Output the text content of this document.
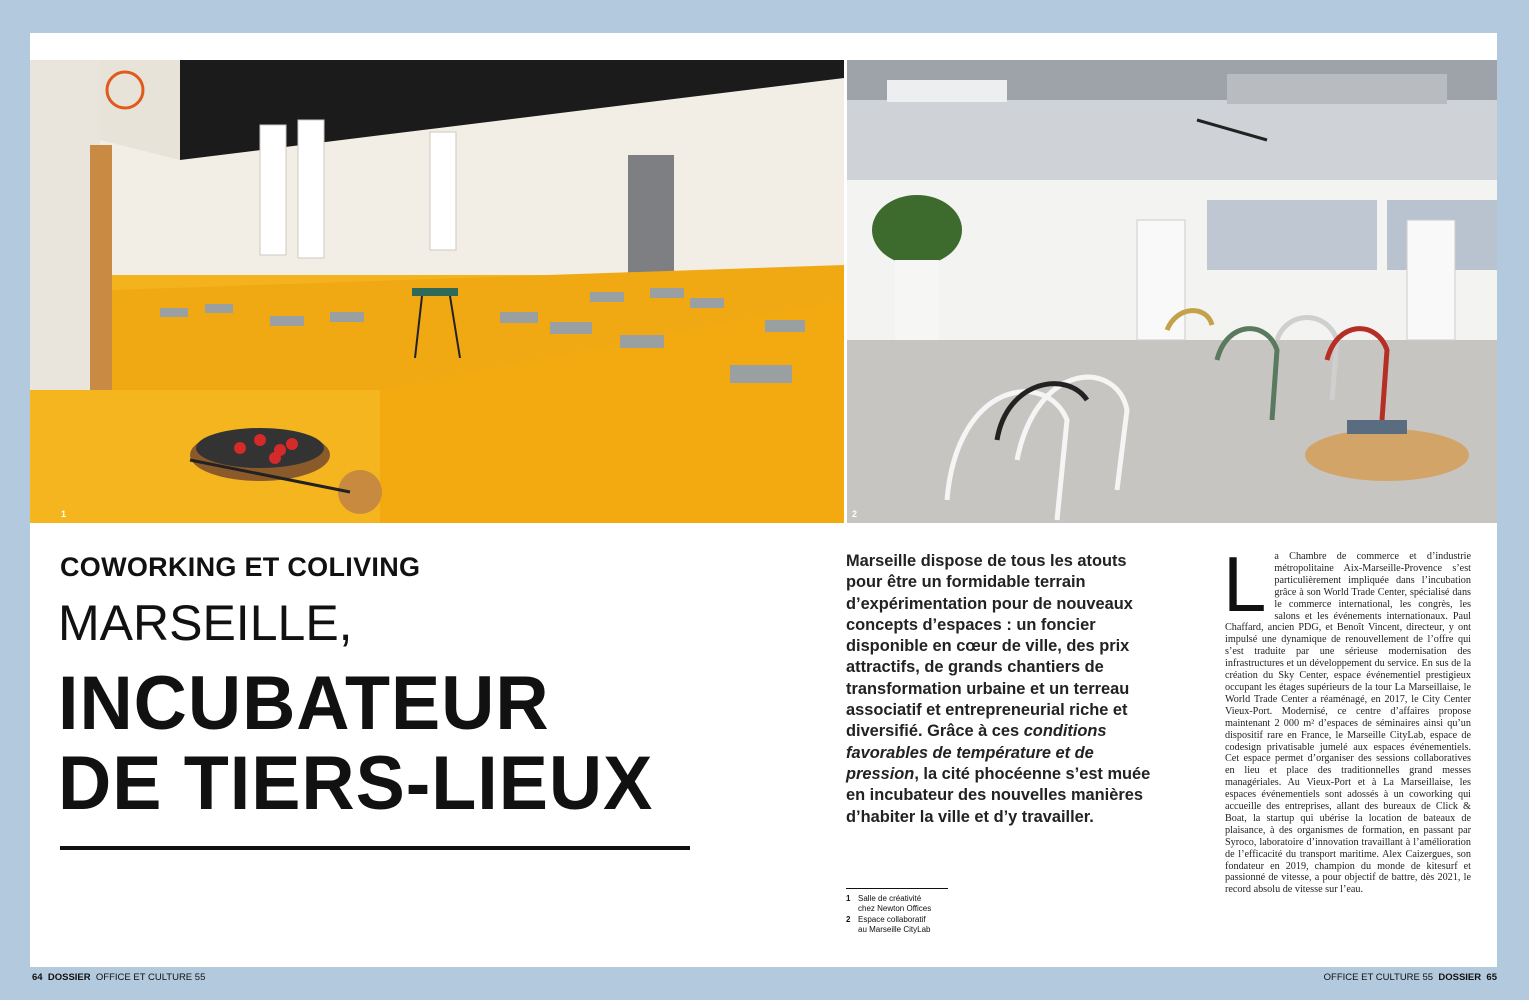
1	2
COWORKING ET COLIVING
MARSEILLE,
INCUBATEUR
DE TIERS-LIEUX

Marseille dispose de tous les atouts pour être un formidable terrain d’expérimentation pour de nouveaux concepts d’espaces : un foncier disponible en cœur de ville, des prix attractifs, de grands chantiers de transformation urbaine et un terreau associatif et entrepreneurial riche et diversifié. Grâce à ces conditions favorables de température et de pression, la cité phocéenne s’est muée en incubateur des nouvelles manières d’habiter la ville et d’y travailler.

1 Salle de créativité
chez Newton Offices
2 Espace collaboratif
au Marseille CityLab
La Chambre de commerce et d’industrie métropolitaine Aix-Marseille-Provence s’est particulièrement impliquée dans l’incubation grâce à son World Trade Center, spécialisé dans le commerce international, les congrès, les salons et les événements internationaux. Paul Chaffard, ancien PDG, et Benoît Vincent, directeur, y ont impulsé une dynamique de renouvellement de l’offre qui s’est traduite par une sérieuse modernisation des infrastructures et un développement du service. En sus de la création du Sky Center, espace événementiel prestigieux occupant les étages supérieurs de la tour La Marseillaise, le World Trade Center a réaménagé, en 2017, le City Center Vieux-Port. Modernisé, ce centre d’affaires propose maintenant 2 000 m² d’espaces de séminaires ainsi qu’un dispositif rare en France, le Marseille CityLab, espace de codesign privatisable jumelé aux espaces événementiels. Cet espace permet d’organiser des sessions collaboratives en lieu et place des traditionnelles grand messes managériales. Au Vieux-Port et à La Marseillaise, les espaces événementiels sont adossés à un coworking qui accueille des entreprises, allant des bureaux de Click & Boat, la startup qui ubérise la location de bateaux de plaisance, à des organismes de formation, en passant par Syroco, laboratoire d’innovation travaillant à l’amélioration de l’efficacité du transport maritime. Alex Caizergues, son fondateur en 2019, champion du monde de kitesurf et passionné de vitesse, a pour objectif de battre, dès 2021, le record absolu de vitesse sur l’eau.
64 DOSSIER OFFICE ET CULTURE 55	OFFICE ET CULTURE 55 DOSSIER 65
